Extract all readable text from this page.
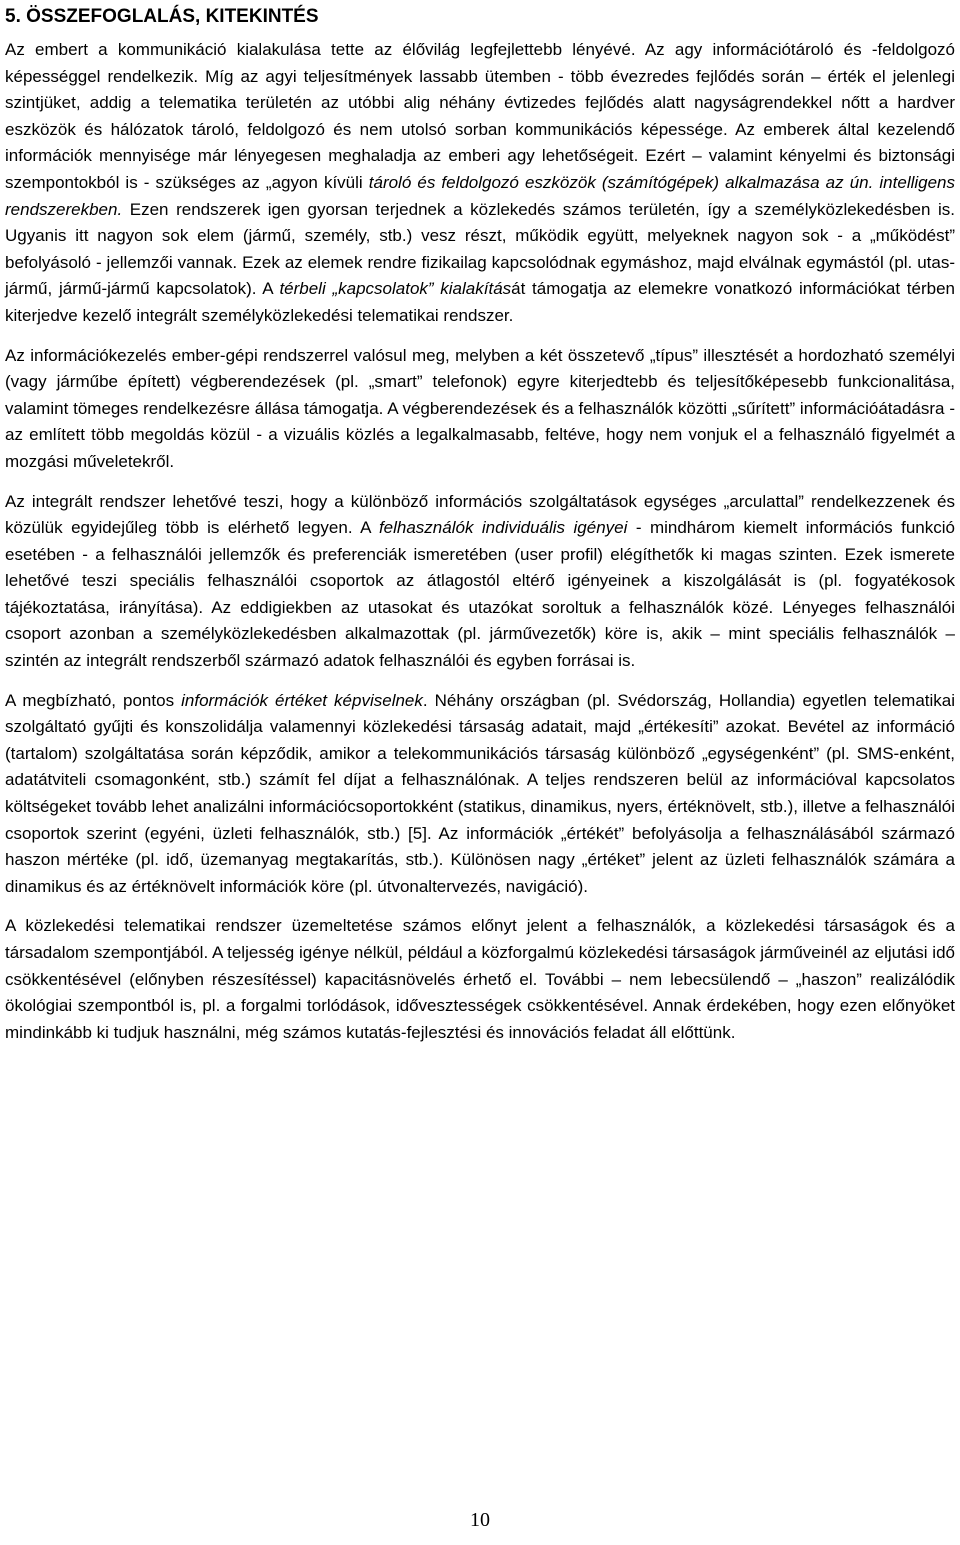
5. ÖSSZEFOGLALÁS, KITEKINTÉS
Az embert a kommunikáció kialakulása tette az élővilág legfejlettebb lényévé. Az agy információtároló és -feldolgozó képességgel rendelkezik. Míg az agyi teljesítmények lassabb ütemben - több évezredes fejlődés során – érték el jelenlegi szintjüket, addig a telematika területén az utóbbi alig néhány évtizedes fejlődés alatt nagyságrendekkel nőtt a hardver eszközök és hálózatok tároló, feldolgozó és nem utolsó sorban kommunikációs képessége. Az emberek által kezelendő információk mennyisége már lényegesen meghaladja az emberi agy lehetőségeit. Ezért – valamint kényelmi és biztonsági szempontokból is - szükséges az „agyon kívüli tároló és feldolgozó eszközök (számítógépek) alkalmazása az ún. intelligens rendszerekben. Ezen rendszerek igen gyorsan terjednek a közlekedés számos területén, így a személyközlekedésben is. Ugyanis itt nagyon sok elem (jármű, személy, stb.) vesz részt, működik együtt, melyeknek nagyon sok - a „működést” befolyásoló - jellemzői vannak. Ezek az elemek rendre fizikailag kapcsolódnak egymáshoz, majd elválnak egymástól (pl. utas-jármű, jármű-jármű kapcsolatok). A térbeli „kapcsolatok” kialakítását támogatja az elemekre vonatkozó információkat térben kiterjedve kezelő integrált személyközlekedési telematikai rendszer.
Az információkezelés ember-gépi rendszerrel valósul meg, melyben a két összetevő „típus” illesztését a hordozható személyi (vagy járműbe épített) végberendezések (pl. „smart” telefonok) egyre kiterjedtebb és teljesítőképesebb funkcionalitása, valamint tömeges rendelkezésre állása támogatja. A végberendezések és a felhasználók közötti „sűrített” információátadásra - az említett több megoldás közül - a vizuális közlés a legalkalmasabb, feltéve, hogy nem vonjuk el a felhasználó figyelmét a mozgási műveletekről.
Az integrált rendszer lehetővé teszi, hogy a különböző információs szolgáltatások egységes „arculattal” rendelkezzenek és közülük egyidejűleg több is elérhető legyen. A felhasználók individuális igényei - mindhárom kiemelt információs funkció esetében - a felhasználói jellemzők és preferenciák ismeretében (user profil) elégíthetők ki magas szinten. Ezek ismerete lehetővé teszi speciális felhasználói csoportok az átlagostól eltérő igényeinek a kiszolgálását is (pl. fogyatékosok tájékoztatása, irányítása). Az eddigiekben az utasokat és utazókat soroltuk a felhasználók közé. Lényeges felhasználói csoport azonban a személyközlekedésben alkalmazottak (pl. járművezetők) köre is, akik – mint speciális felhasználók – szintén az integrált rendszerből származó adatok felhasználói és egyben forrásai is.
A megbízható, pontos információk értéket képviselnek. Néhány országban (pl. Svédország, Hollandia) egyetlen telematikai szolgáltató gyűjti és konszolidálja valamennyi közlekedési társaság adatait, majd „értékesíti” azokat. Bevétel az információ (tartalom) szolgáltatása során képződik, amikor a telekommunikációs társaság különböző „egységenként” (pl. SMS-enként, adatátviteli csomagonként, stb.) számít fel díjat a felhasználónak. A teljes rendszeren belül az információval kapcsolatos költségeket tovább lehet analizálni információcsoportokként (statikus, dinamikus, nyers, értéknövelt, stb.), illetve a felhasználói csoportok szerint (egyéni, üzleti felhasználók, stb.) [5]. Az információk „értékét” befolyásolja a felhasználásából származó haszon mértéke (pl. idő, üzemanyag megtakarítás, stb.). Különösen nagy „értéket” jelent az üzleti felhasználók számára a dinamikus és az értéknövelt információk köre (pl. útvonaltervezés, navigáció).
A közlekedési telematikai rendszer üzemeltetése számos előnyt jelent a felhasználók, a közlekedési társaságok és a társadalom szempontjából. A teljesség igénye nélkül, például a közforgalmú közlekedési társaságok járműveinél az eljutási idő csökkentésével (előnyben részesítéssel) kapacitásnövelés érhető el. További – nem lebecsülendő – „haszon” realizálódik ökológiai szempontból is, pl. a forgalmi torlódások, idővesztességek csökkentésével. Annak érdekében, hogy ezen előnyöket mindinkább ki tudjuk használni, még számos kutatás-fejlesztési és innovációs feladat áll előttünk.
10
